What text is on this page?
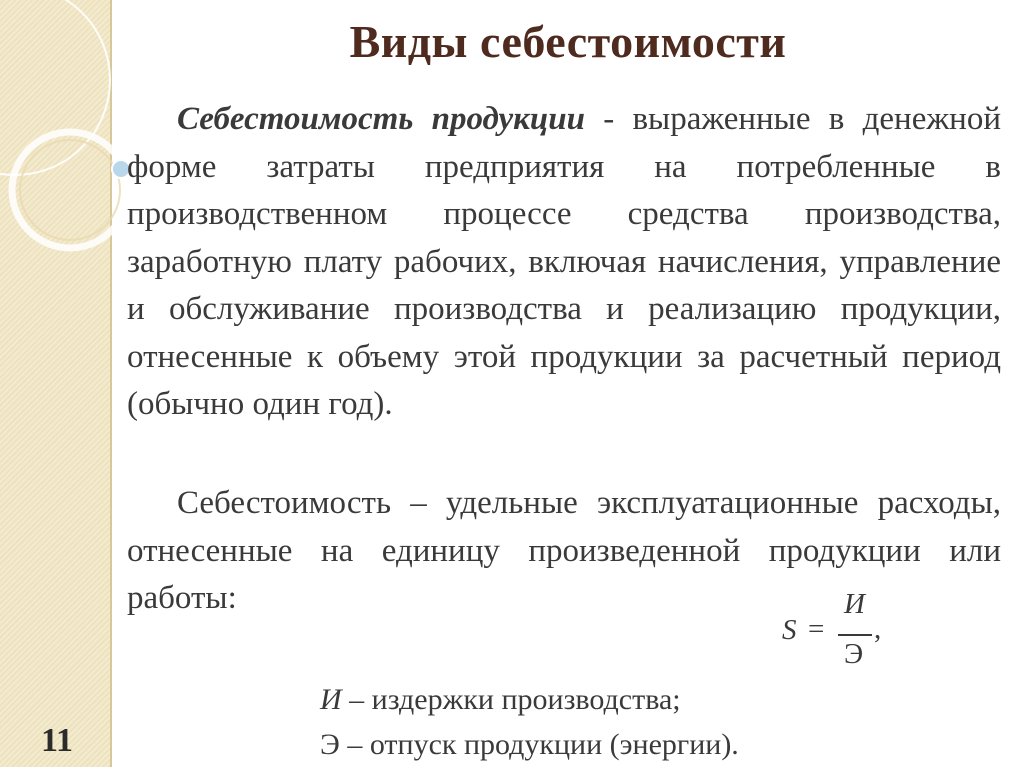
11
Виды себестоимости
Себестоимость продукции - выраженные в денежной форме затраты предприятия на потребленные в производственном процессе средства производства, заработную плату рабочих, включая начисления, управление и обслуживание производства и реализацию продукции, отнесенные к объему этой продукции за расчетный период (обычно один год).
Себестоимость – удельные эксплуатационные расходы, отнесенные на единицу произведенной продукции или работы:
S =
И
Э
,
И – издержки производства;
Э – отпуск продукции (энергии).
